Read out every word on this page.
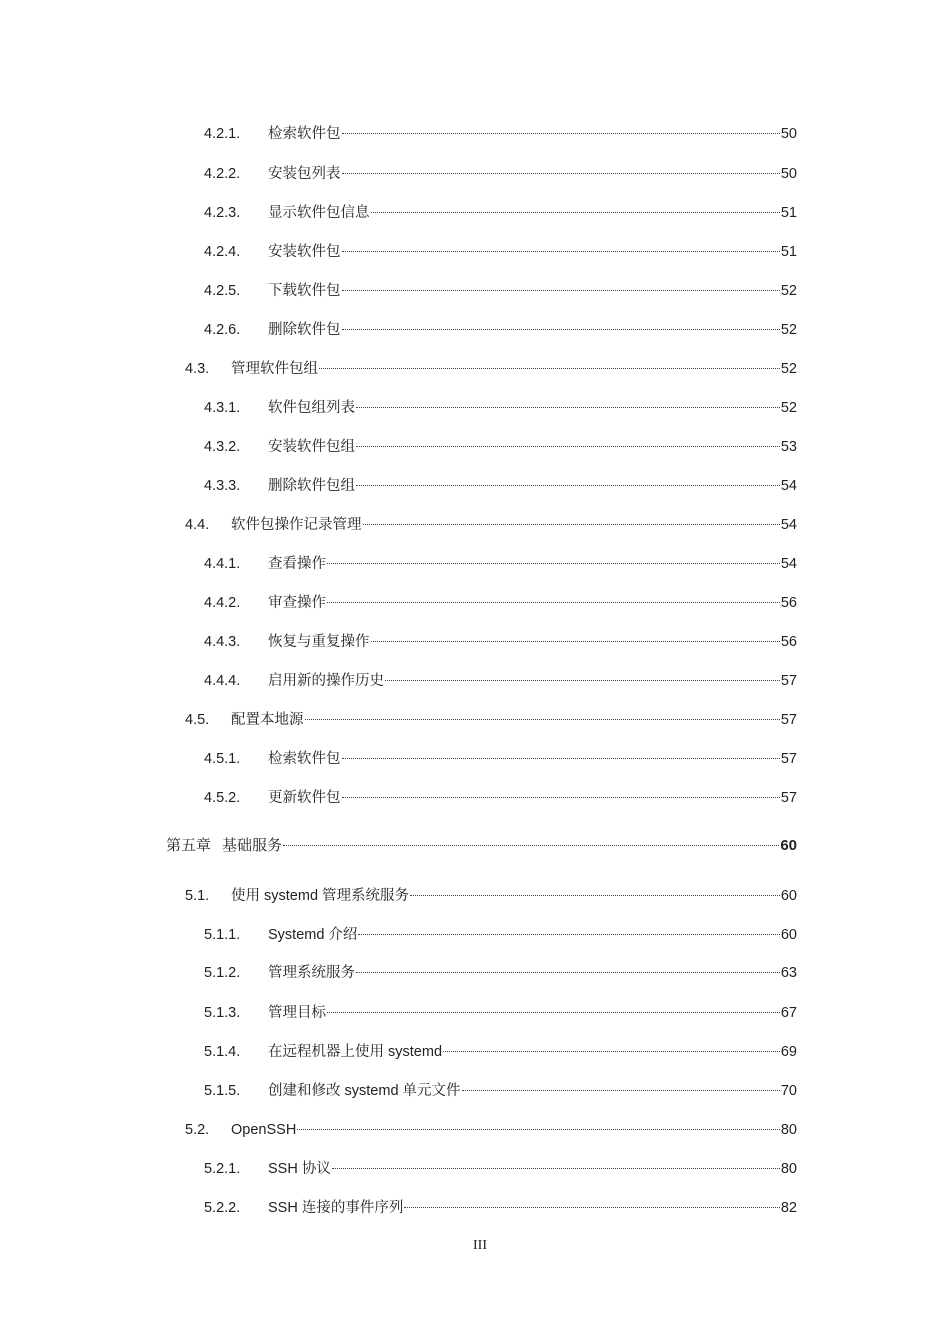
4.2.1. 检索软件包	50
4.2.2. 安装包列表	50
4.2.3. 显示软件包信息	51
4.2.4. 安装软件包	51
4.2.5. 下载软件包	52
4.2.6. 删除软件包	52
4.3. 管理软件包组	52
4.3.1. 软件包组列表	52
4.3.2. 安装软件包组	53
4.3.3. 删除软件包组	54
4.4. 软件包操作记录管理	54
4.4.1. 查看操作	54
4.4.2. 审查操作	56
4.4.3. 恢复与重复操作	56
4.4.4. 启用新的操作历史	57
4.5. 配置本地源	57
4.5.1. 检索软件包	57
4.5.2. 更新软件包	57
第五章 基础服务	60
5.1. 使用 systemd 管理系统服务	60
5.1.1. Systemd 介绍	60
5.1.2. 管理系统服务	63
5.1.3. 管理目标	67
5.1.4. 在远程机器上使用 systemd	69
5.1.5. 创建和修改 systemd 单元文件	70
5.2. OpenSSH	80
5.2.1. SSH 协议	80
5.2.2. SSH 连接的事件序列	82
III
